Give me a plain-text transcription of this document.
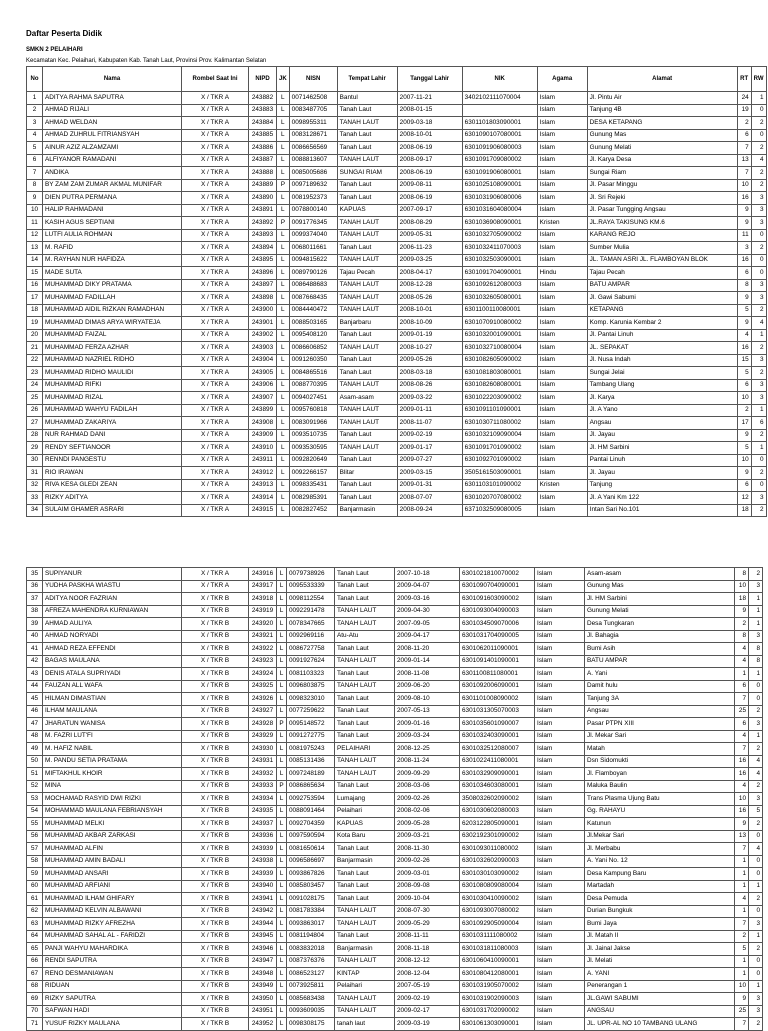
Daftar Peserta Didik
SMKN 2 PELAIHARI
Kecamatan Kec. Pelaihari, Kabupaten Kab. Tanah Laut, Provinsi Prov. Kalimantan Selatan
No	Nama	Rombel Saat Ini	NIPD	JK	NISN	Tempat Lahir	Tanggal Lahir	NIK	Agama	Alamat	RT	RW
1	ADITYA RAHMA SAPUTRA	X / TKR A	243882	L	0071462508	Bantul	2007-11-21	3402102111070004	Islam	Jl. Pintu Air	24	1
2	AHMAD RIJALI	X / TKR A	243883	L	0083487705	Tanah Laut	2008-01-15		Islam	Tanjung 4B	19	0
3	AHMAD WELDAN	X / TKR A	243884	L	0098955311	TANAH LAUT	2009-03-18	6301101803090001	Islam	DESA KETAPANG	2	2
4	AHMAD ZUHRUL FITRIANSYAH	X / TKR A	243885	L	0083128671	Tanah Laut	2008-10-01	6301090107080001	Islam	Gunung Mas	6	0
5	AINUR AZIZ ALZAMZAMI	X / TKR A	243886	L	0086656569	Tanah Laut	2008-06-19	6301091906080003	Islam	Gunung Melati	7	2
6	ALFIYANOR RAMADANI	X / TKR A	243887	L	0088813607	TANAH LAUT	2008-09-17	6301091709080002	Islam	Jl. Karya Desa	13	4
7	ANDIKA	X / TKR A	243888	L	0085005686	SUNGAI RIAM	2008-06-19	6301091906080001	Islam	Sungai Riam	7	2
8	BY ZAM ZAM ZUMAR AKMAL MUNIFAR	X / TKR A	243889	P	0097189632	Tanah Laut	2009-08-11	6301025108090001	Islam	Jl. Pasar Minggu	10	2
9	DIEN PUTRA PERMANA	X / TKR A	243890	L	0081952373	Tanah Laut	2008-06-19	6301031906080006	Islam	Jl. Sri Rejeki	16	3
10	HALIP RAHMADANI	X / TKR A	243891	L	0078800140	KAPUAS	2007-09-17	6301031604080004	Islam	Jl. Pasar Tungging Angsau	9	3
11	KASIH AGUS SEPTIANI	X / TKR A	243892	P	0091776345	TANAH LAUT	2008-08-29	6301036908090001	Kristen	JL.RAYA TAKISUNG KM.6	9	3
12	LUTFI AULIA ROHMAN	X / TKR A	243893	L	0099374040	TANAH LAUT	2009-05-31	6301032705090002	Islam	KARANG REJO	11	0
13	M. RAFID	X / TKR A	243894	L	0068011661	Tanah Laut	2006-11-23	6301032411070003	Islam	Sumber Mulia	3	2
14	M. RAYHAN NUR HAFIDZA	X / TKR A	243895	L	0094815622	TANAH LAUT	2009-03-25	6301032503090001	Islam	JL. TAMAN ASRI JL. FLAMBOYAN BLOK	16	0
15	MADE SUTA	X / TKR A	243896	L	0089790126	Tajau Pecah	2008-04-17	6301091704090001	Hindu	Tajau Pecah	6	0
16	MUHAMMAD DIKY PRATAMA	X / TKR A	243897	L	0086488683	TANAH LAUT	2008-12-28	6301092612080003	Islam	BATU AMPAR	8	3
17	MUHAMMAD FADILLAH	X / TKR A	243898	L	0087668435	TANAH LAUT	2008-05-26	6301032605080001	Islam	Jl. Gawi Sabumi	9	3
18	MUHAMMAD AIDIL RIZKAN RAMADHAN	X / TKR A	243900	L	0084440472	TANAH LAUT	2008-10-01	6301100110080001	Islam	KETAPANG	5	2
19	MUHAMMAD DIMAS ARYA WIRYATEJA	X / TKR A	243901	L	0088503165	Banjarbaru	2008-10-09	6301070910080002	Islam	Komp. Karunia Kembar 2	9	4
20	MUHAMMAD FAIZAL	X / TKR A	243902	L	0095408120	Tanah Laut	2009-01-19	6301032001090001	Islam	Jl. Pantai Linuh	4	1
21	MUHAMMAD FERZA AZHAR	X / TKR A	243903	L	0086606852	TANAH LAUT	2008-10-27	6301032710080004	Islam	JL. SEPAKAT	16	2
22	MUHAMMAD NAZRIEL RIDHO	X / TKR A	243904	L	0091260350	Tanah Laut	2009-05-26	6301082605090002	Islam	Jl. Nusa Indah	15	3
23	MUHAMMAD RIDHO MAULIDI	X / TKR A	243905	L	0084865516	Tanah Laut	2008-03-18	6301081803080001	Islam	Sungai Jelai	5	2
24	MUHAMMAD RIFKI	X / TKR A	243906	L	0088770395	TANAH LAUT	2008-08-26	6301082608080001	Islam	Tambang Ulang	6	3
25	MUHAMMAD RIZAL	X / TKR A	243907	L	0094027451	Asam-asam	2009-03-22	6301022203090002	Islam	Jl. Karya	10	3
26	MUHAMMAD WAHYU FADILAH	X / TKR A	243899	L	0095760818	TANAH LAUT	2009-01-11	6301091101090001	Islam	Jl. A Yano	2	1
27	MUHAMMAD ZAKARIYA	X / TKR A	243908	L	0083091966	TANAH LAUT	2008-11-07	6301030711080002	Islam	Angsau	17	6
28	NUR RAHMAD DANI	X / TKR A	243909	L	0093510735	Tanah Laut	2009-02-19	6301032109090004	Islam	Jl. Jayau	9	2
29	RENDY SEFTIANOOR	X / TKR A	243910	L	0093530595	TANAH LAUT	2009-01-17	6301091701090002	Islam	Jl. HM Sarbini	5	1
30	RENNDI PANGESTU	X / TKR A	243911	L	0092820649	Tanah Laut	2009-07-27	6301092701090002	Islam	Pantai Linuh	10	0
31	RIO IRAWAN	X / TKR A	243912	L	0092266157	Blitar	2009-03-15	3505161503090001	Islam	Jl. Jayau	9	2
32	RIVA KESA GLEDI ZEAN	X / TKR A	243913	L	0098335431	Tanah Laut	2009-01-31	6301103101090002	Kristen	Tanjung	6	0
33	RIZKY ADITYA	X / TKR A	243914	L	0082985391	Tanah Laut	2008-07-07	6301020707080002	Islam	Jl. A Yani Km 122	12	3
34	SULAIM GHAMER ASRARI	X / TKR A	243915	L	0082827452	Banjarmasin	2008-09-24	6371032509080005	Islam	Intan Sari No.101	18	2
35	SUPIYANUR	X / TKR A	243916	L	0079738926	Tanah Laut	2007-10-18	6301021810070002	Islam	Asam-asam	8	2
36	YUDHA PASKHA WIASTU	X / TKR A	243917	L	0095533339	Tanah Laut	2009-04-07	6301090704090001	Islam	Gunung Mas	10	3
37	ADITYA NOOR FAZRIAN	X / TKR B	243918	L	0098112554	Tanah Laut	2009-03-16	6301091603090002	Islam	Jl. HM Sarbini	18	1
38	AFREZA MAHENDRA KURNIAWAN	X / TKR B	243919	L	0092291478	TANAH LAUT	2009-04-30	6301093004090003	Islam	Gunung Melati	9	1
39	AHMAD AULIYA	X / TKR B	243920	L	0078347665	TANAH LAUT	2007-09-05	6301034509070006	Islam	Desa Tungkaran	2	1
40	AHMAD NORYADI	X / TKR B	243921	L	0092969116	Atu-Atu	2009-04-17	6301031704090005	Islam	Jl. Bahagia	8	3
41	AHMAD REZA EFFENDI	X / TKR B	243922	L	0086727758	Tanah Laut	2008-11-20	6301062011090001	Islam	Bumi Asih	4	8
42	BAGAS MAULANA	X / TKR B	243923	L	0091927624	TANAH LAUT	2009-01-14	6301091401090001	Islam	BATU AMPAR	4	8
43	DENIS ATALA SUPRIYADI	X / TKR B	243924	L	0081103323	Tanah Laut	2008-11-08	6301100811080001	Islam	A. Yani	1	1
44	FAUZAN ALL WAFA	X / TKR B	243925	L	0096803875	TANAH LAUT	2009-06-20	6301092006090001	Islam	Damit hulu	6	0
45	HILMAN DIMASTIAN	X / TKR B	243926	L	0098323010	Tanah Laut	2009-08-10	6301101008090002	Islam	Tanjung 3A	7	0
46	ILHAM MAULANA	X / TKR B	243927	L	0077259622	Tanah Laut	2007-05-13	6301031305070003	Islam	Angsau	25	2
47	JHARATUN WANISA	X / TKR B	243928	P	0095148572	Tanah Laut	2009-01-16	6301035601090007	Islam	Pasar PTPN XIII	6	3
48	M. FAZRI LUT'FI	X / TKR B	243929	L	0091272775	Tanah Laut	2009-03-24	6301032403090001	Islam	Jl. Mekar Sari	4	1
49	M. HAFIZ NABIL	X / TKR B	243930	L	0081975243	PELAIHARI	2008-12-25	6301032512080007	Islam	Matah	7	2
50	M. PANDU SETIA PRATAMA	X / TKR B	243931	L	0085131436	TANAH LAUT	2008-11-24	6301022411080001	Islam	Dsn Sidomukti	16	4
51	MIFTAKHUL KHOIR	X / TKR B	243932	L	0097248189	TANAH LAUT	2009-09-29	6301032909090001	Islam	Jl. Flamboyan	16	4
52	MINA	X / TKR B	243933	P	0086865634	Tanah Laut	2008-03-06	6301034603080001	Islam	Maluka Baulin	4	2
53	MOCHAMAD RASYID DWI RIZKI	X / TKR B	243934	L	0092753594	Lumajang	2009-02-26	3508032602090002	Islam	Trans Plasma Ujung Batu	10	3
54	MOHAMMAD MAULANA FEBRIANSYAH	X / TKR B	243935	L	0088091464	Pelaihari	2008-02-06	6301030602080003	Islam	Gg. RAHAYU	16	5
55	MUHAMMAD MELKI	X / TKR B	243937	L	0092704359	KAPUAS	2009-05-28	6203122805090001	Islam	Katunun	9	2
56	MUHAMMAD AKBAR ZARKASI	X / TKR B	243936	L	0097590594	Kota Baru	2009-03-21	6302192301090002	Islam	Jl.Mekar Sari	13	0
57	MUHAMMAD ALFIN	X / TKR B	243939	L	0081650614	Tanah Laut	2008-11-30	6301093011080002	Islam	Jl. Merbabu	7	4
58	MUHAMMAD AMIN BADALI	X / TKR B	243938	L	0096586697	Banjarmasin	2009-02-26	6301032602090003	Islam	A. Yani No. 12	1	0
59	MUHAMMAD ANSARI	X / TKR B	243939	L	0093867826	Tanah Laut	2009-03-01	6301030103090002	Islam	Desa Kampung Baru	1	0
60	MUHAMMAD ARFIANI	X / TKR B	243940	L	0085803457	Tanah Laut	2008-09-08	6301080809080004	Islam	Martadah	1	1
61	MUHAMMAD ILHAM GHIFARY	X / TKR B	243941	L	0091028175	Tanah Laut	2009-10-04	6301030410090002	Islam	Desa Pemuda	4	2
62	MUHAMMAD KELVIN ALBAWANI	X / TKR B	243942	L	0081783384	TANAH LAUT	2008-07-30	6301093007080002	Islam	Durian Bungkuk	1	0
63	MUHAMMAD RIZKY AFREZHA	X / TKR B	243944	L	0093863017	TANAH LAUT	2009-05-29	6301092905090004	Islam	Bumi Jaya	7	3
64	MUHAMMAD SAHAL AL - FARIDZI	X / TKR B	243945	L	0081194804	Tanah Laut	2008-11-11	6301031111080002	Islam	Jl. Matah II	2	1
65	PANJI WAHYU MAHARDIKA	X / TKR B	243946	L	0083832018	Banjarmasin	2008-11-18	6301031811080003	Islam	Jl. Jainal Jakse	5	2
66	RENDI SAPUTRA	X / TKR B	243947	L	0087376376	TANAH LAUT	2008-12-12	6301060410090001	Islam	Jl. Melati	1	0
67	RENO DESMANIAWAN	X / TKR B	243948	L	0086523127	KINTAP	2008-12-04	6301080412080001	Islam	A. YANI	1	0
68	RIDUAN	X / TKR B	243949	L	0073925811	Pelaihari	2007-05-19	6301031905070002	Islam	Penerangan 1	10	1
69	RIZKY SAPUTRA	X / TKR B	243950	L	0085683438	TANAH LAUT	2009-02-19	6301031902090003	Islam	JL.GAWI SABUMI	9	3
70	SAFWAN HADI	X / TKR B	243951	L	0093609035	TANAH LAUT	2009-02-17	6301031702090002	Islam	ANGSAU	25	3
71	YUSUF RIZKY MAULANA	X / TKR B	243952	L	0098308175	tanah laut	2009-03-19	6301061303090001	Islam	JL. UPR-AL NO 10 TAMBANG ULANG	7	2
